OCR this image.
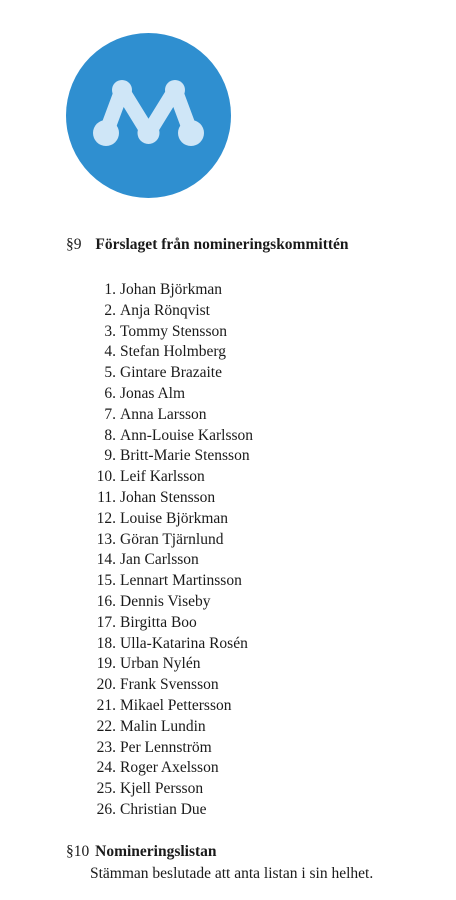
§9 Förslaget från nomineringskommittén
1. Johan Björkman
2. Anja Rönqvist
3. Tommy Stensson
4. Stefan Holmberg
5. Gintare Brazaite
6. Jonas Alm
7. Anna Larsson
8. Ann-Louise Karlsson
9. Britt-Marie Stensson
10. Leif Karlsson
11. Johan Stensson
12. Louise Björkman
13. Göran Tjärnlund
14. Jan Carlsson
15. Lennart Martinsson
16. Dennis Viseby
17. Birgitta Boo
18. Ulla-Katarina Rosén
19. Urban Nylén
20. Frank Svensson
21. Mikael Pettersson
22. Malin Lundin
23. Per Lennström
24. Roger Axelsson
25. Kjell Persson
26. Christian Due
§10 Nomineringslistan
Stämman beslutade att anta listan i sin helhet.
